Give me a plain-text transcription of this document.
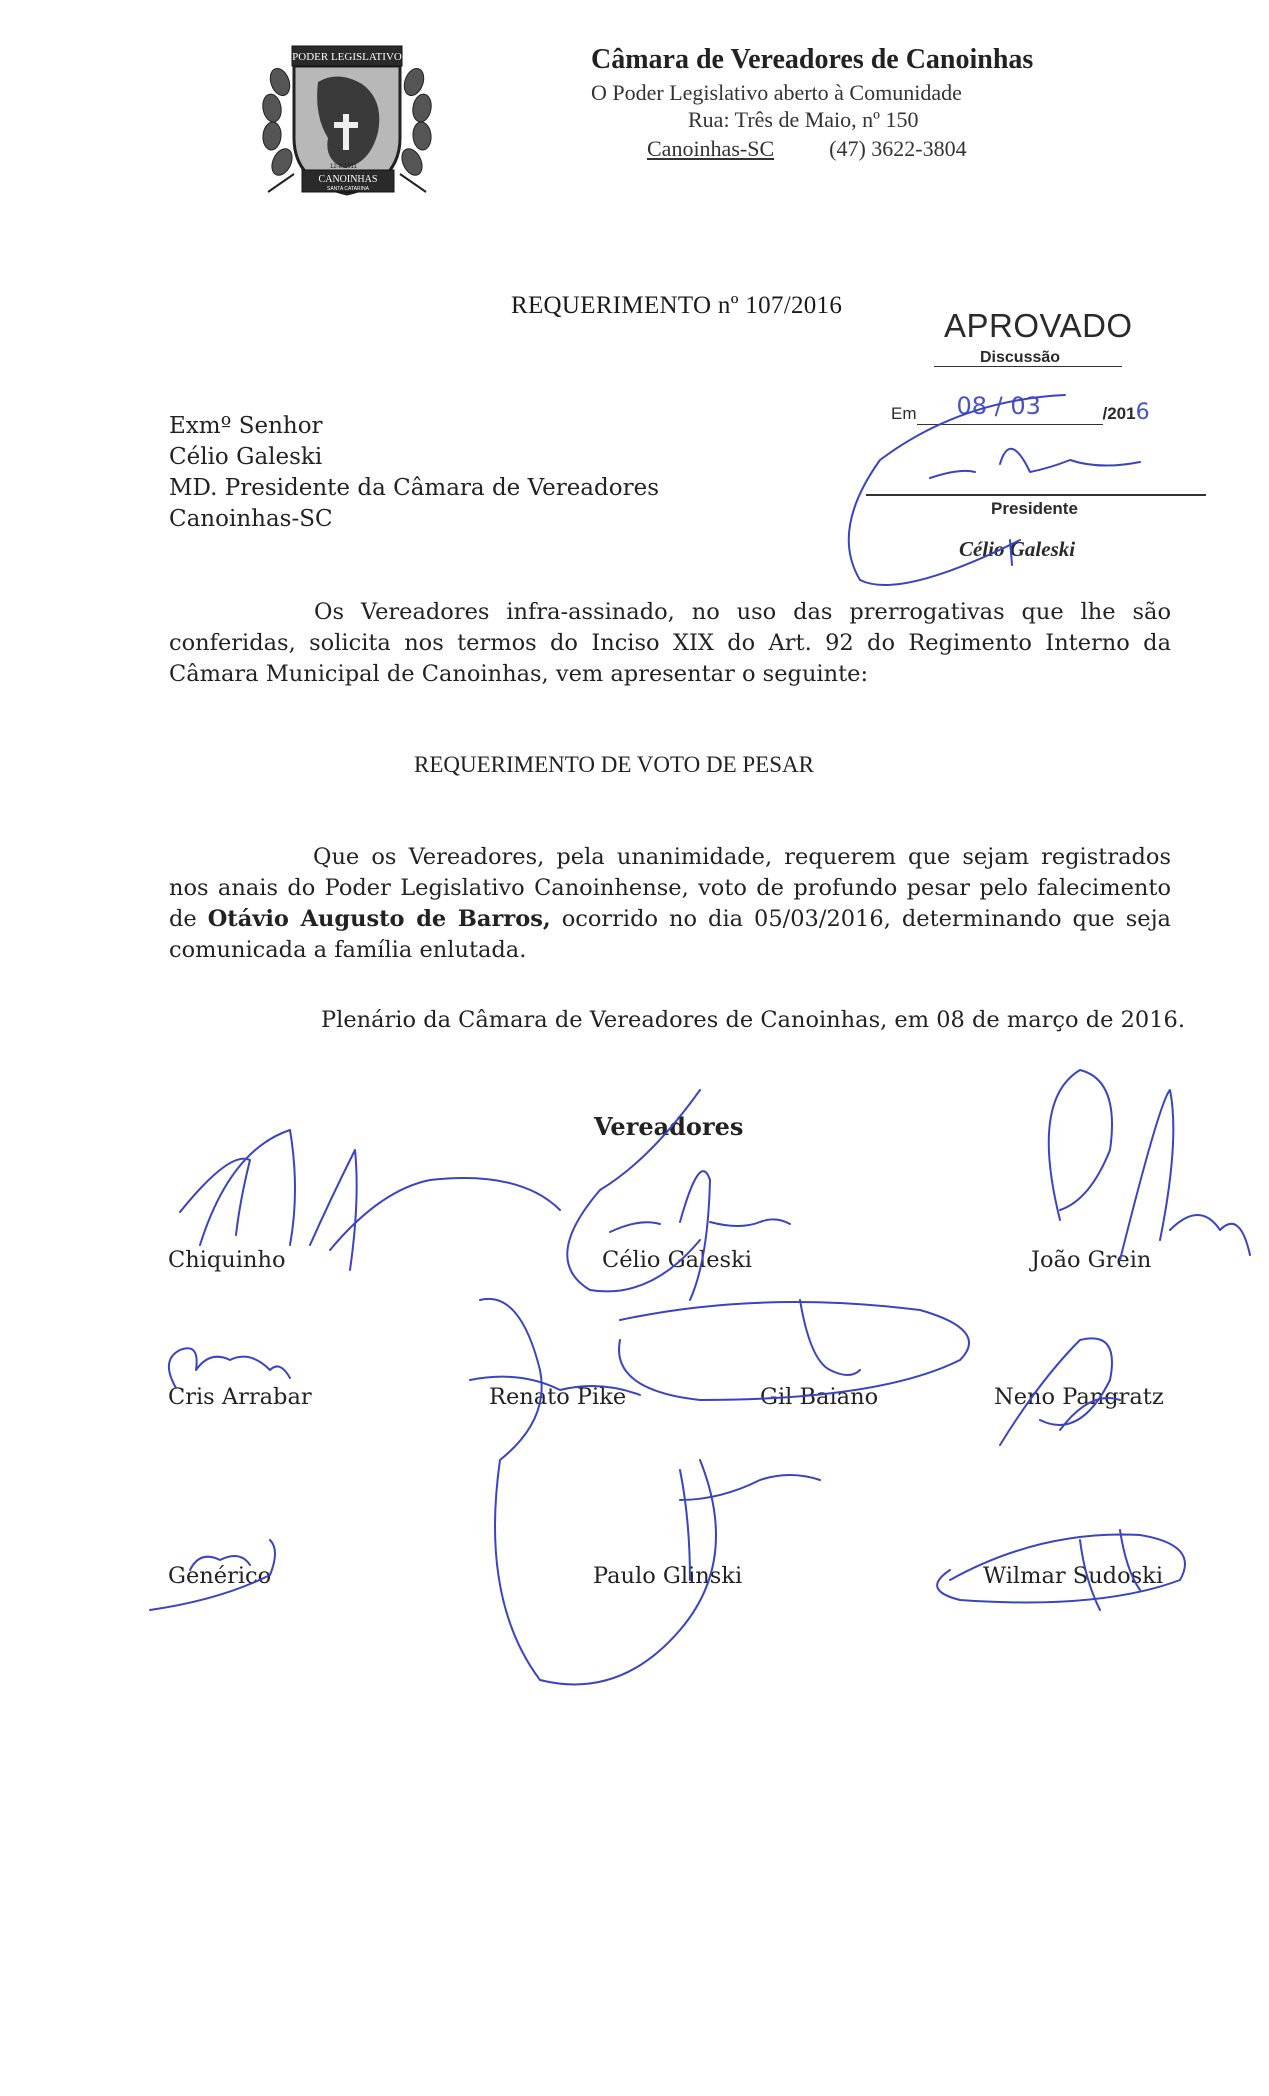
PODER LEGISLATIVO
12-8-1911
CANOINHAS
SANTA CATARINA
Câmara de Vereadores de Canoinhas
O Poder Legislativo aberto à Comunidade
Rua: Três de Maio, nº 150
Canoinhas-SC	(47) 3622-3804
REQUERIMENTO nº 107/2016
APROVADO
Discussão
Em 08 / 03	/2016
Presidente
Célio Galeski
Exmº Senhor
Célio Galeski
MD. Presidente da Câmara de Vereadores
Canoinhas-SC
Os Vereadores infra-assinado, no uso das prerrogativas que lhe são conferidas, solicita nos termos do Inciso XIX do Art. 92 do Regimento Interno da Câmara Municipal de Canoinhas, vem apresentar o seguinte:
REQUERIMENTO DE VOTO DE PESAR
Que os Vereadores, pela unanimidade, requerem que sejam registrados nos anais do Poder Legislativo Canoinhense, voto de profundo pesar pelo falecimento de Otávio Augusto de Barros, ocorrido no dia 05/03/2016, determinando que seja comunicada a família enlutada.
Plenário da Câmara de Vereadores de Canoinhas, em 08 de março de 2016.
Vereadores
Chiquinho	Célio Galeski	João Grein
Cris Arrabar	Renato Pike	Gil Baiano	Neno Pangratz
Genérico	Paulo Glinski	Wilmar Sudoski
